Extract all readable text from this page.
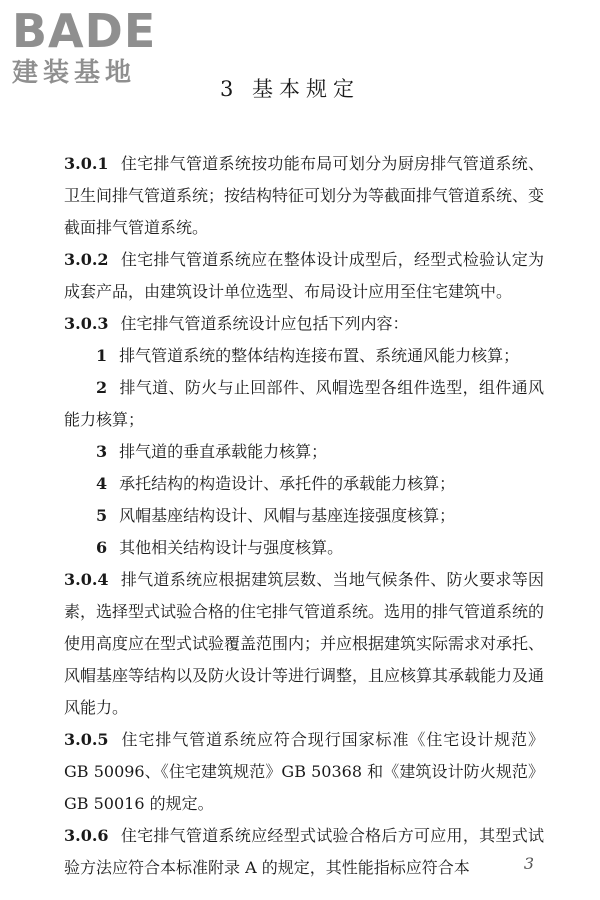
BADE
建装基地
3 基本规定
3.0.1 住宅排气管道系统按功能布局可划分为厨房排气管道系统、卫生间排气管道系统；按结构特征可划分为等截面排气管道系统、变截面排气管道系统。
3.0.2 住宅排气管道系统应在整体设计成型后，经型式检验认定为成套产品，由建筑设计单位选型、布局设计应用至住宅建筑中。
3.0.3 住宅排气管道系统设计应包括下列内容：
1 排气管道系统的整体结构连接布置、系统通风能力核算；
2 排气道、防火与止回部件、风帽选型各组件选型，组件通风能力核算；
3 排气道的垂直承载能力核算；
4 承托结构的构造设计、承托件的承载能力核算；
5 风帽基座结构设计、风帽与基座连接强度核算；
6 其他相关结构设计与强度核算。
3.0.4 排气道系统应根据建筑层数、当地气候条件、防火要求等因素，选择型式试验合格的住宅排气管道系统。选用的排气管道系统的使用高度应在型式试验覆盖范围内；并应根据建筑实际需求对承托、风帽基座等结构以及防火设计等进行调整，且应核算其承载能力及通风能力。
3.0.5 住宅排气管道系统应符合现行国家标准《住宅设计规范》GB 50096、《住宅建筑规范》GB 50368 和《建筑设计防火规范》GB 50016 的规定。
3.0.6 住宅排气管道系统应经型式试验合格后方可应用，其型式试验方法应符合本标准附录 A 的规定，其性能指标应符合本	3
